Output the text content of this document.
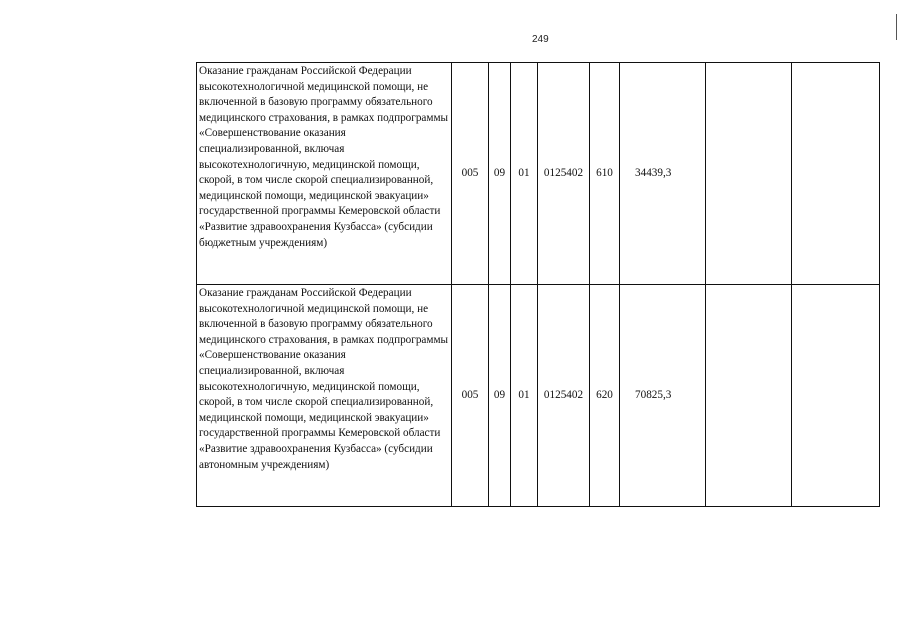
249
Оказание гражданам Российской Федерации высокотехнологичной медицинской помощи, не включенной в базовую программу обязательного медицинского страхования, в рамках подпрограммы «Совершенствование оказания специализированной, включая высокотехнологичную, медицинской помощи, скорой, в том числе скорой специализированной, медицинской помощи, медицинской эвакуации» государственной программы Кемеровской области «Развитие здравоохранения Кузбасса» (субсидии бюджетным учреждениям)	005	09	01	0125402	610	34439,3		
Оказание гражданам Российской Федерации высокотехнологичной медицинской помощи, не включенной в базовую программу обязательного медицинского страхования, в рамках подпрограммы «Совершенствование оказания специализированной, включая высокотехнологичную, медицинской помощи, скорой, в том числе скорой специализированной, медицинской помощи, медицинской эвакуации» государственной программы Кемеровской области «Развитие здравоохранения Кузбасса» (субсидии автономным учреждениям)	005	09	01	0125402	620	70825,3		
